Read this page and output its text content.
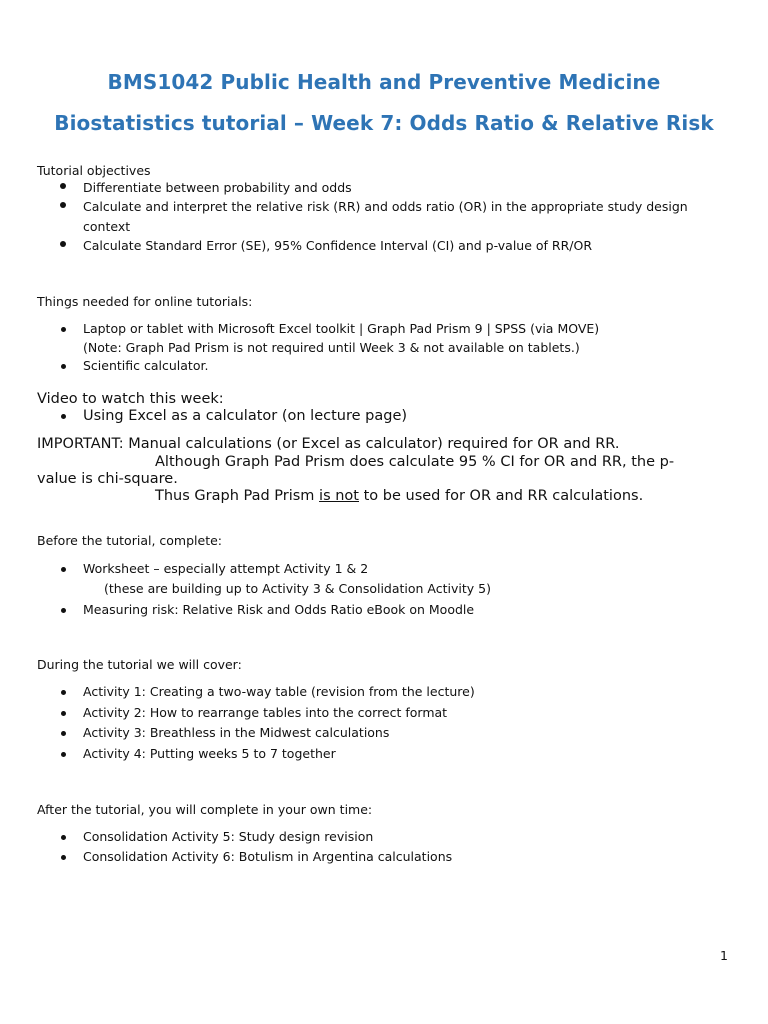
BMS1042 Public Health and Preventive Medicine
Biostatistics tutorial – Week 7: Odds Ratio & Relative Risk
Tutorial objectives
Differentiate between probability and odds
Calculate and interpret the relative risk (RR) and odds ratio (OR) in the appropriate study design
context
Calculate Standard Error (SE), 95% Confidence Interval (CI) and p-value of RR/OR
Things needed for online tutorials:
Laptop or tablet with Microsoft Excel toolkit | Graph Pad Prism 9 | SPSS (via MOVE)
(Note: Graph Pad Prism is not required until Week 3 & not available on tablets.)
Scientific calculator.
Video to watch this week:
Using Excel as a calculator (on lecture page)
IMPORTANT: Manual calculations (or Excel as calculator) required for OR and RR.
Although Graph Pad Prism does calculate 95 % CI for OR and RR, the p-
value is chi-square.
Thus Graph Pad Prism is not to be used for OR and RR calculations.
Before the tutorial, complete:
Worksheet – especially attempt Activity 1 & 2
(these are building up to Activity 3 & Consolidation Activity 5)
Measuring risk: Relative Risk and Odds Ratio eBook on Moodle
During the tutorial we will cover:
Activity 1: Creating a two-way table (revision from the lecture)
Activity 2: How to rearrange tables into the correct format
Activity 3: Breathless in the Midwest calculations
Activity 4: Putting weeks 5 to 7 together
After the tutorial, you will complete in your own time:
Consolidation Activity 5: Study design revision
Consolidation Activity 6: Botulism in Argentina calculations
1
